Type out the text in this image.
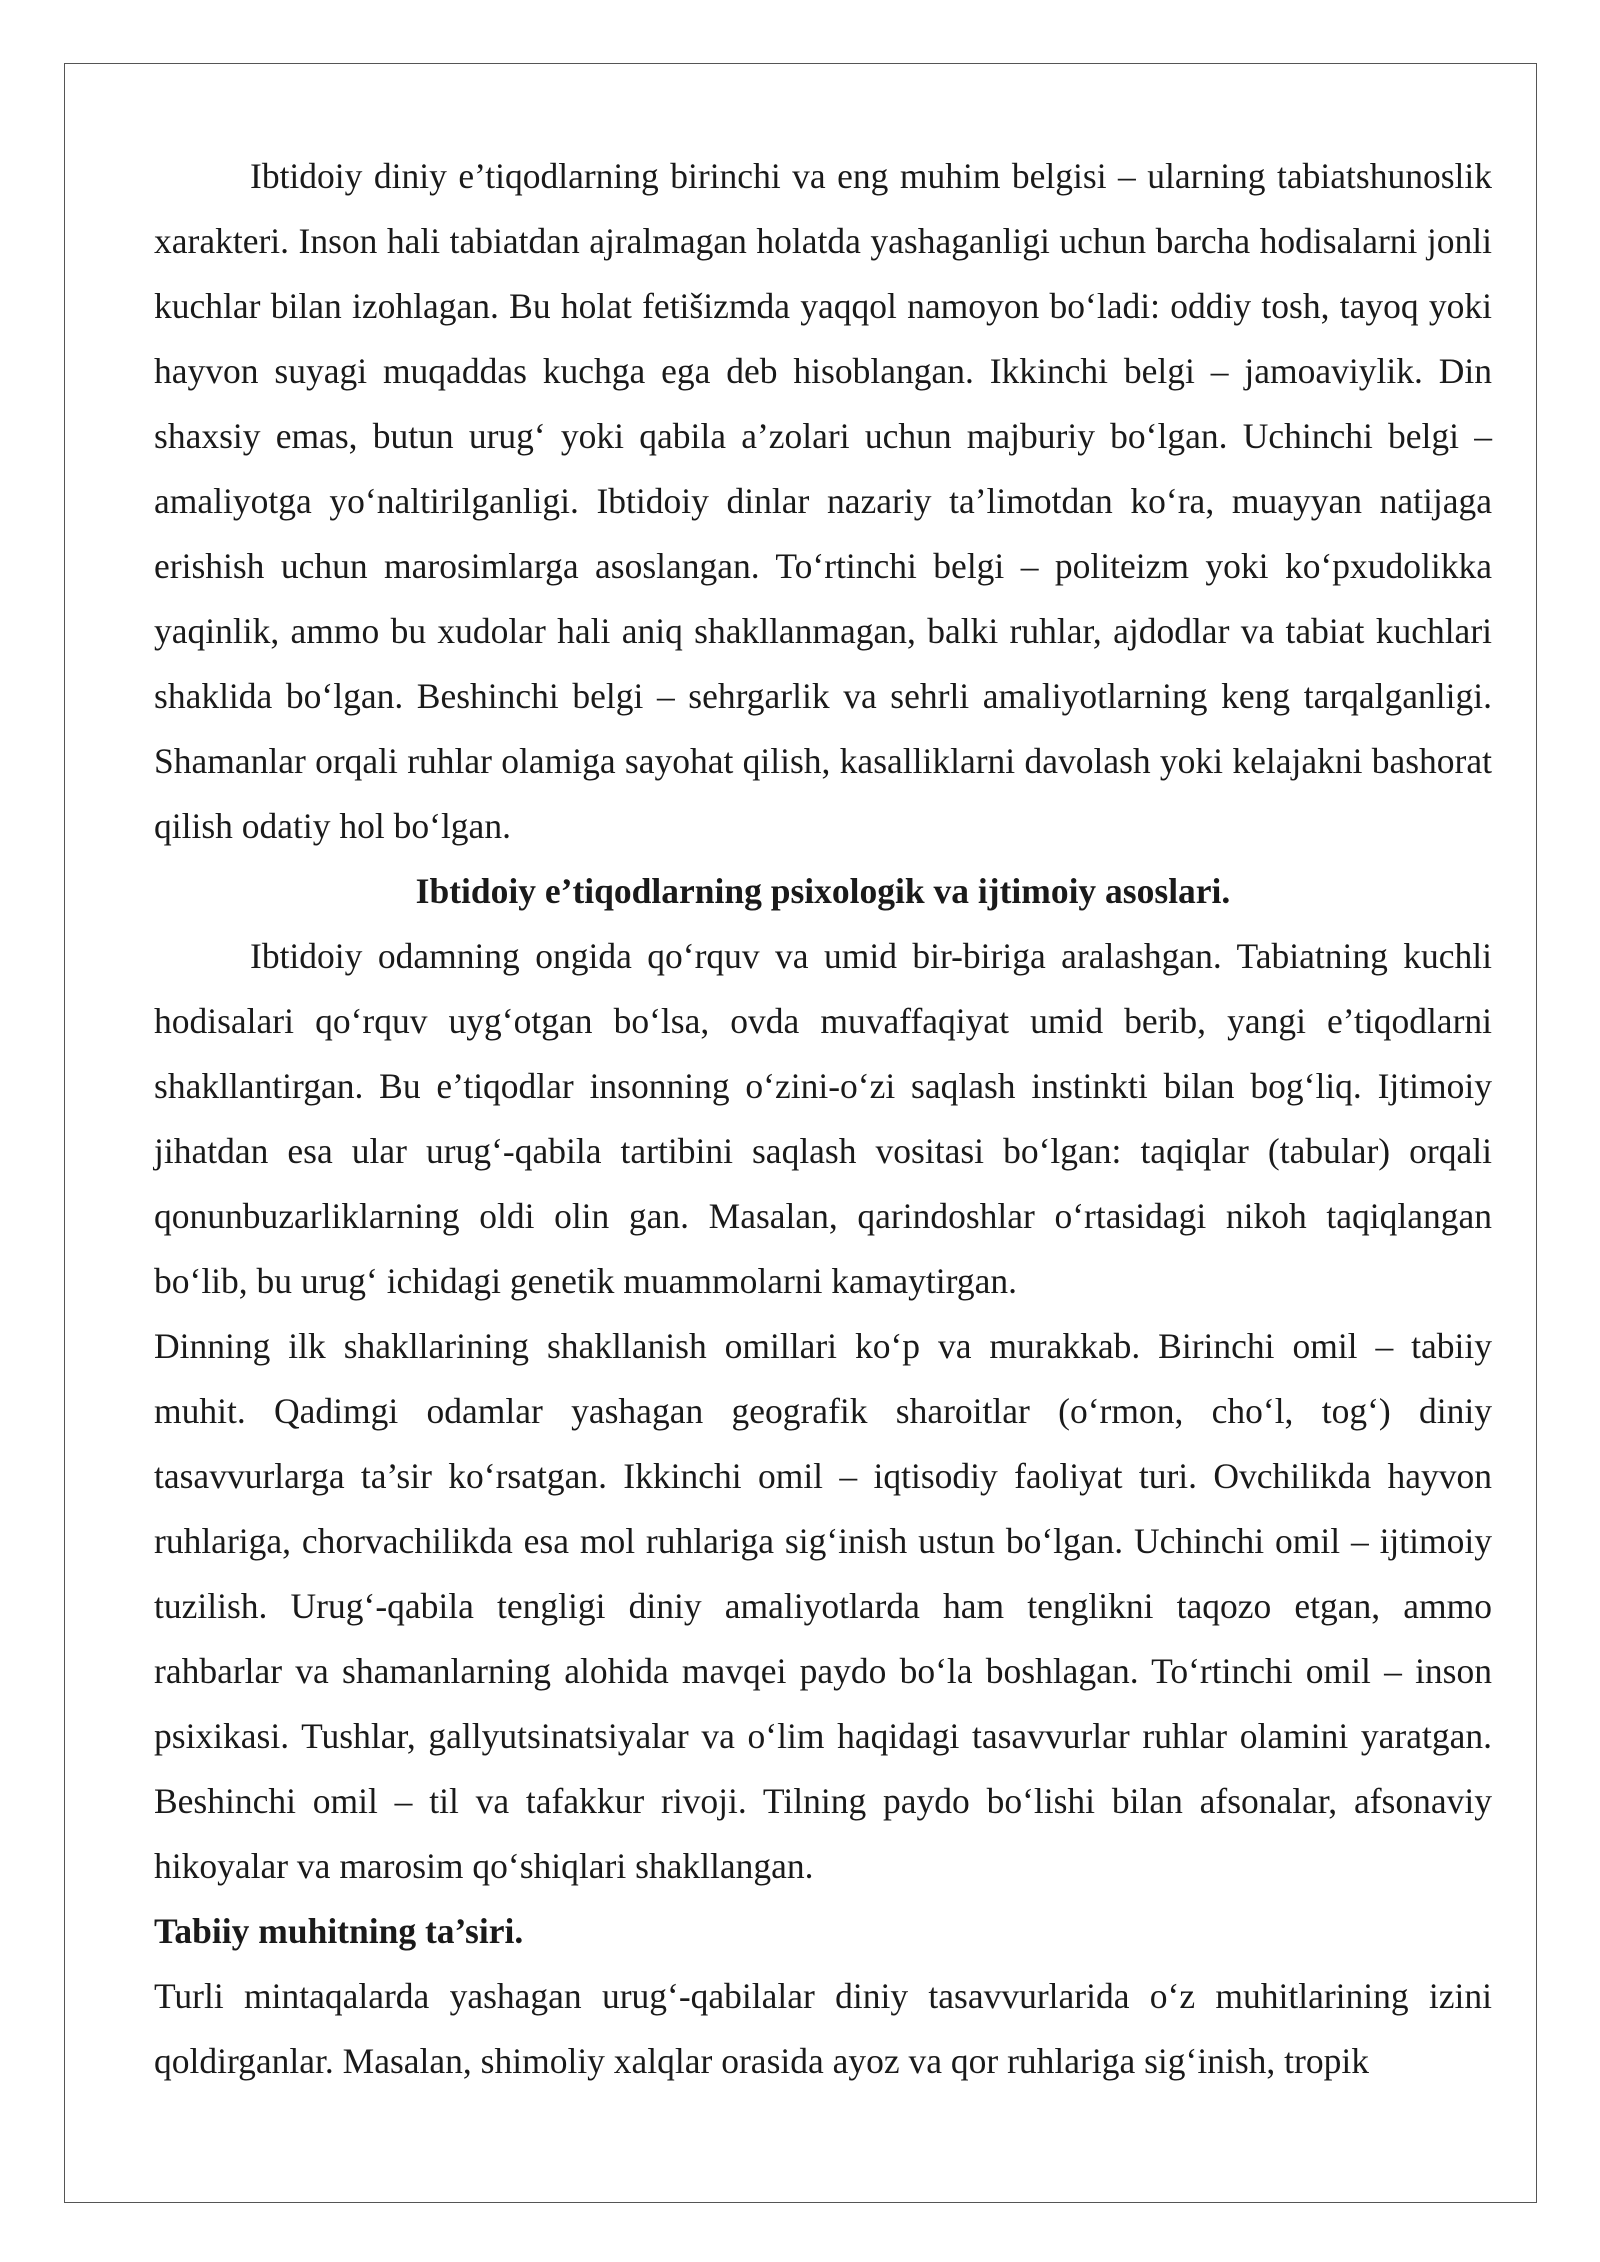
Ibtidoiy diniy e’tiqodlarning birinchi va eng muhim belgisi – ularning tabiatshunoslik xarakteri. Inson hali tabiatdan ajralmagan holatda yashaganligi uchun barcha hodisalarni jonli kuchlar bilan izohlagan. Bu holat fetišizmda yaqqol namoyon bo‘ladi: oddiy tosh, tayoq yoki hayvon suyagi muqaddas kuchga ega deb hisoblangan. Ikkinchi belgi – jamoaviylik. Din shaxsiy emas, butun urug‘ yoki qabila a’zolari uchun majburiy bo‘lgan. Uchinchi belgi – amaliyotga yo‘naltirilganligi. Ibtidoiy dinlar nazariy ta’limotdan ko‘ra, muayyan natijaga erishish uchun marosimlarga asoslangan. To‘rtinchi belgi – politeizm yoki ko‘pxudolikka yaqinlik, ammo bu xudolar hali aniq shakllanmagan, balki ruhlar, ajdodlar va tabiat kuchlari shaklida bo‘lgan. Beshinchi belgi – sehrgarlik va sehrli amaliyotlarning keng tarqalganligi. Shamanlar orqali ruhlar olamiga sayohat qilish, kasalliklarni davolash yoki kelajakni bashorat qilish odatiy hol bo‘lgan.

Ibtidoiy e’tiqodlarning psixologik va ijtimoiy asoslari.

Ibtidoiy odamning ongida qo‘rquv va umid bir-biriga aralashgan. Tabiatning kuchli hodisalari qo‘rquv uyg‘otgan bo‘lsa, ovda muvaffaqiyat umid berib, yangi e’tiqodlarni shakllantirgan. Bu e’tiqodlar insonning o‘zini-o‘zi saqlash instinkti bilan bog‘liq. Ijtimoiy jihatdan esa ular urug‘-qabila tartibini saqlash vositasi bo‘lgan: taqiqlar (tabular) orqali qonunbuzarliklarning oldi olin gan. Masalan, qarindoshlar o‘rtasidagi nikoh taqiqlangan bo‘lib, bu urug‘ ichidagi genetik muammolarni kamaytirgan.

Dinning ilk shakllarining shakllanish omillari ko‘p va murakkab. Birinchi omil – tabiiy muhit. Qadimgi odamlar yashagan geografik sharoitlar (o‘rmon, cho‘l, tog‘) diniy tasavvurlarga ta’sir ko‘rsatgan. Ikkinchi omil – iqtisodiy faoliyat turi. Ovchilikda hayvon ruhlariga, chorvachilikda esa mol ruhlariga sig‘inish ustun bo‘lgan. Uchinchi omil – ijtimoiy tuzilish. Urug‘-qabila tengligi diniy amaliyotlarda ham tenglikni taqozo etgan, ammo rahbarlar va shamanlarning alohida mavqei paydo bo‘la boshlagan. To‘rtinchi omil – inson psixikasi. Tushlar, gallyutsinatsiyalar va o‘lim haqidagi tasavvurlar ruhlar olamini yaratgan. Beshinchi omil – til va tafakkur rivoji. Tilning paydo bo‘lishi bilan afsonalar, afsonaviy hikoyalar va marosim qo‘shiqlari shakllangan.

Tabiiy muhitning ta’siri.

Turli mintaqalarda yashagan urug‘-qabilalar diniy tasavvurlarida o‘z muhitlarining izini qoldirganlar. Masalan, shimoliy xalqlar orasida ayoz va qor ruhlariga sig‘inish, tropik
